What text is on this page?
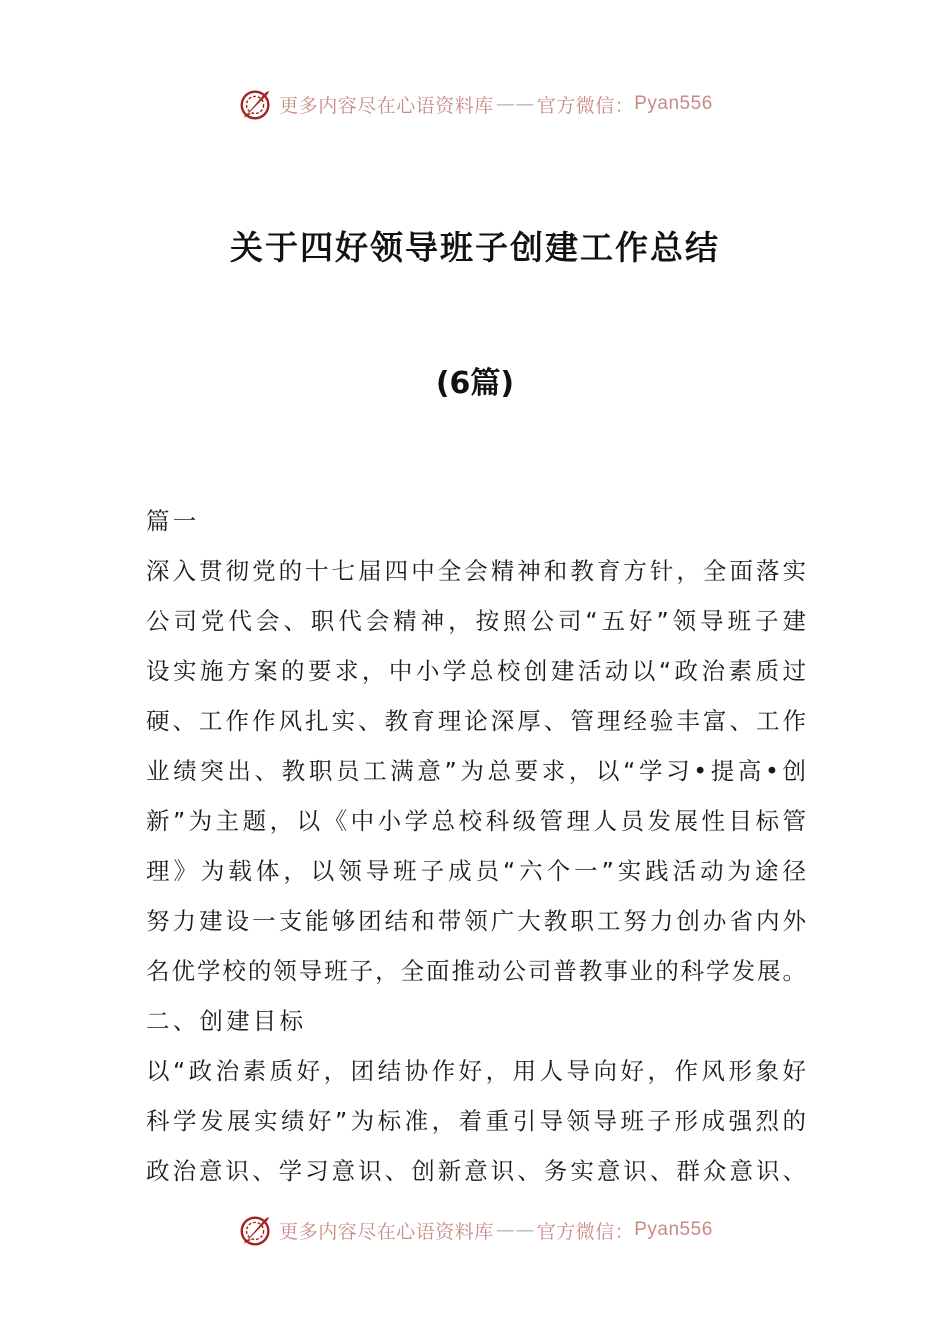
更多内容尽在心语资料库 —— 官方微信： Pyan556
关于四好领导班子创建工作总结
(6篇)
篇一
深入贯彻党的十七届四中全会精神和教育方针，全面落实
公司党代会、职代会精神，按照公司“五好”领导班子建
设实施方案的要求，中小学总校创建活动以“政治素质过
硬、工作作风扎实、教育理论深厚、管理经验丰富、工作
业绩突出、教职员工满意”为总要求，以“学习•提高•创
新”为主题，以《中小学总校科级管理人员发展性目标管
理》为载体，以领导班子成员“六个一”实践活动为途径
努力建设一支能够团结和带领广大教职工努力创办省内外
名优学校的领导班子，全面推动公司普教事业的科学发展。
二、创建目标
以“政治素质好，团结协作好，用人导向好，作风形象好
科学发展实绩好”为标准，着重引导领导班子形成强烈的
政治意识、学习意识、创新意识、务实意识、群众意识、
更多内容尽在心语资料库 —— 官方微信： Pyan556
